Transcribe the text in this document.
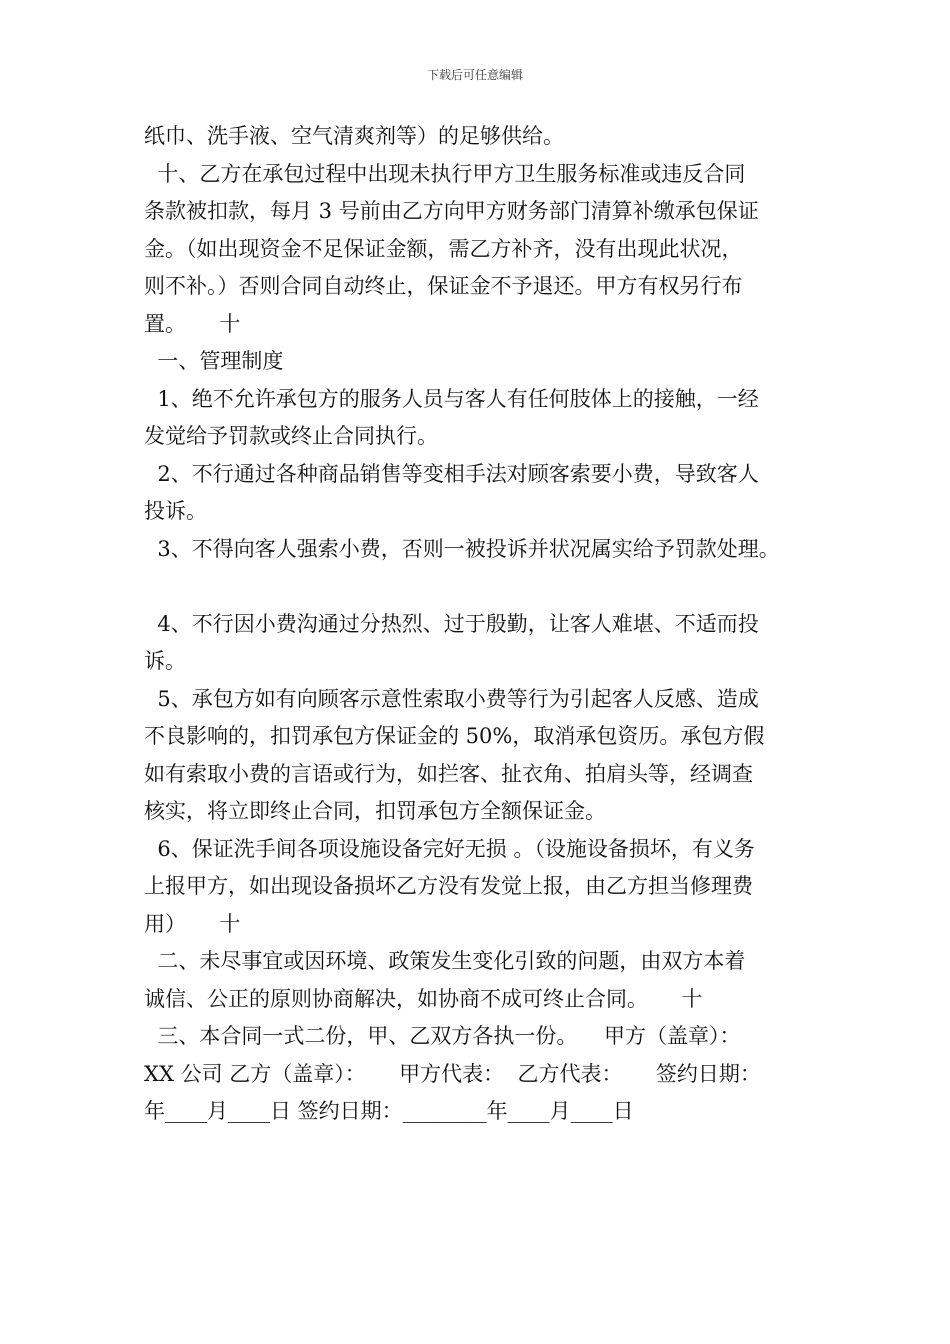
下载后可任意编辑
纸巾、洗手液、空气清爽剂等）的足够供给。
十、乙方在承包过程中出现未执行甲方卫生服务标准或违反合同
条款被扣款，每月 3 号前由乙方向甲方财务部门清算补缴承包保证
金。（如出现资金不足保证金额，需乙方补齐，没有出现此状况，
则不补。）否则合同自动终止，保证金不予退还。甲方有权另行布
置。     十
一、管理制度
1、绝不允许承包方的服务人员与客人有任何肢体上的接触，一经
发觉给予罚款或终止合同执行。
2、不行通过各种商品销售等变相手法对顾客索要小费，导致客人
投诉。
3、不得向客人强索小费，否则一被投诉并状况属实给予罚款处理。
4、不行因小费沟通过分热烈、过于殷勤，让客人难堪、不适而投
诉。
5、承包方如有向顾客示意性索取小费等行为引起客人反感、造成
不良影响的，扣罚承包方保证金的 50%，取消承包资历。承包方假
如有索取小费的言语或行为，如拦客、扯衣角、拍肩头等，经调查
核实，将立即终止合同，扣罚承包方全额保证金。
6、保证洗手间各项设施设备完好无损 。（设施设备损坏，有义务
上报甲方，如出现设备损坏乙方没有发觉上报，由乙方担当修理费
用）     十
二、未尽事宜或因环境、政策发生变化引致的问题，由双方本着
诚信、公正的原则协商解决，如协商不成可终止合同。     十
三、本合同一式二份，甲、乙双方各执一份。    甲方（盖章）：
XX 公司 乙方（盖章）：     甲方代表：  乙方代表：     签约日期：
年____月____日 签约日期：________年____月____日
